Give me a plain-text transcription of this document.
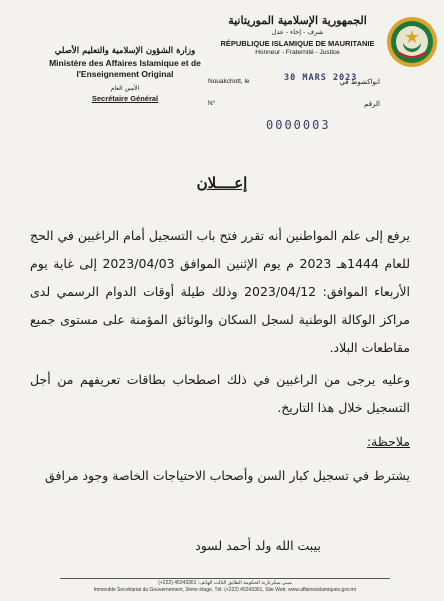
وزارة الشؤون الإسلامية والتعليم الأصلي
Ministère des Affaires Islamique et de l'Enseignement Original
الأمين العام
Secrétaire Général
الجمهورية الإسلامية الموريتانية
شرف - إخاء - عدل
RÉPUBLIQUE ISLAMIQUE DE MAURITANIE
Honneur - Fraternité - Justice
Nouakchott, le	30 MARS 2023
انواكشوط في
N°	الرقم
0000003
إعــــلان

يرفع إلى علم المواطنين أنه تقرر فتح باب التسجيل أمام الراغبين في الحج للعام 1444هـ 2023 م يوم الإثنين الموافق 2023/04/03 إلى غاية يوم الأربعاء الموافق: 2023/04/12 وذلك طيلة أوقات الدوام الرسمي لدى مراكز الوكالة الوطنية لسجل السكان والوثائق المؤمنة على مستوى جميع مقاطعات البلاد.

وعليه يرجى من الراغبين في ذلك اصطحاب بطاقات تعريفهم من أجل التسجيل خلال هذا التاريخ.

ملاحظة:
يشترط في تسجيل كبار السن وأصحاب الاحتياجات الخاصة وجود مرافق
بيبت الله ولد أحمد لسود
مبنى سكرتارية الحكومة الطابق الثالث الهاتف: 45243361 (222+)
Immeuble Secrétariat du Gouvernement, 3ème étage, Tél: (+222) 45243361, Site Web: www.affairesislamiques.gov.mr
